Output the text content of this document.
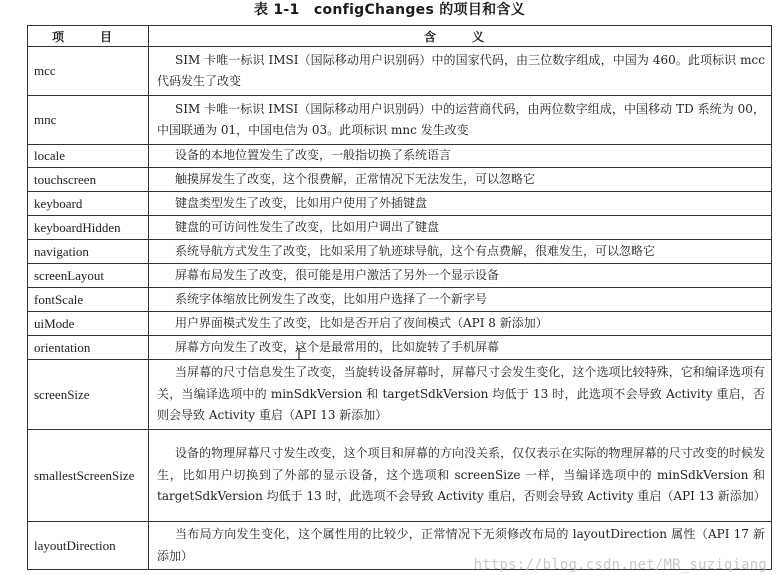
表 1-1　configChanges 的项目和含义
项　目	含　义
mcc	SIM 卡唯一标识 IMSI（国际移动用户识别码）中的国家代码，由三位数字组成，中国为 460。此项标识 mcc 代码发生了改变
mnc	SIM 卡唯一标识 IMSI（国际移动用户识别码）中的运营商代码，由两位数字组成，中国移动 TD 系统为 00，中国联通为 01，中国电信为 03。此项标识 mnc 发生改变
locale	设备的本地位置发生了改变，一般指切换了系统语言
touchscreen	触摸屏发生了改变，这个很费解，正常情况下无法发生，可以忽略它
keyboard	键盘类型发生了改变，比如用户使用了外插键盘
keyboardHidden	键盘的可访问性发生了改变，比如用户调出了键盘
navigation	系统导航方式发生了改变，比如采用了轨迹球导航，这个有点费解，很难发生，可以忽略它
screenLayout	屏幕布局发生了改变，很可能是用户激活了另外一个显示设备
fontScale	系统字体缩放比例发生了改变，比如用户选择了一个新字号
uiMode	用户界面模式发生了改变，比如是否开启了夜间模式（API 8 新添加）
orientation	屏幕方向发生了改变，这个是最常用的，比如旋转了手机屏幕
screenSize	当屏幕的尺寸信息发生了改变，当旋转设备屏幕时，屏幕尺寸会发生变化，这个选项比较特殊，它和编译选项有关，当编译选项中的 minSdkVersion 和 targetSdkVersion 均低于 13 时，此选项不会导致 Activity 重启，否则会导致 Activity 重启（API 13 新添加）
smallestScreenSize	设备的物理屏幕尺寸发生改变，这个项目和屏幕的方向没关系，仅仅表示在实际的物理屏幕的尺寸改变的时候发生，比如用户切换到了外部的显示设备，这个选项和 screenSize 一样，当编译选项中的 minSdkVersion 和 targetSdkVersion 均低于 13 时，此选项不会导致 Activity 重启，否则会导致 Activity 重启（API 13 新添加）
layoutDirection	当布局方向发生变化，这个属性用的比较少，正常情况下无须修改布局的 layoutDirection 属性（API 17 新添加）
https://blog.csdn.net/MR_suziqiang
